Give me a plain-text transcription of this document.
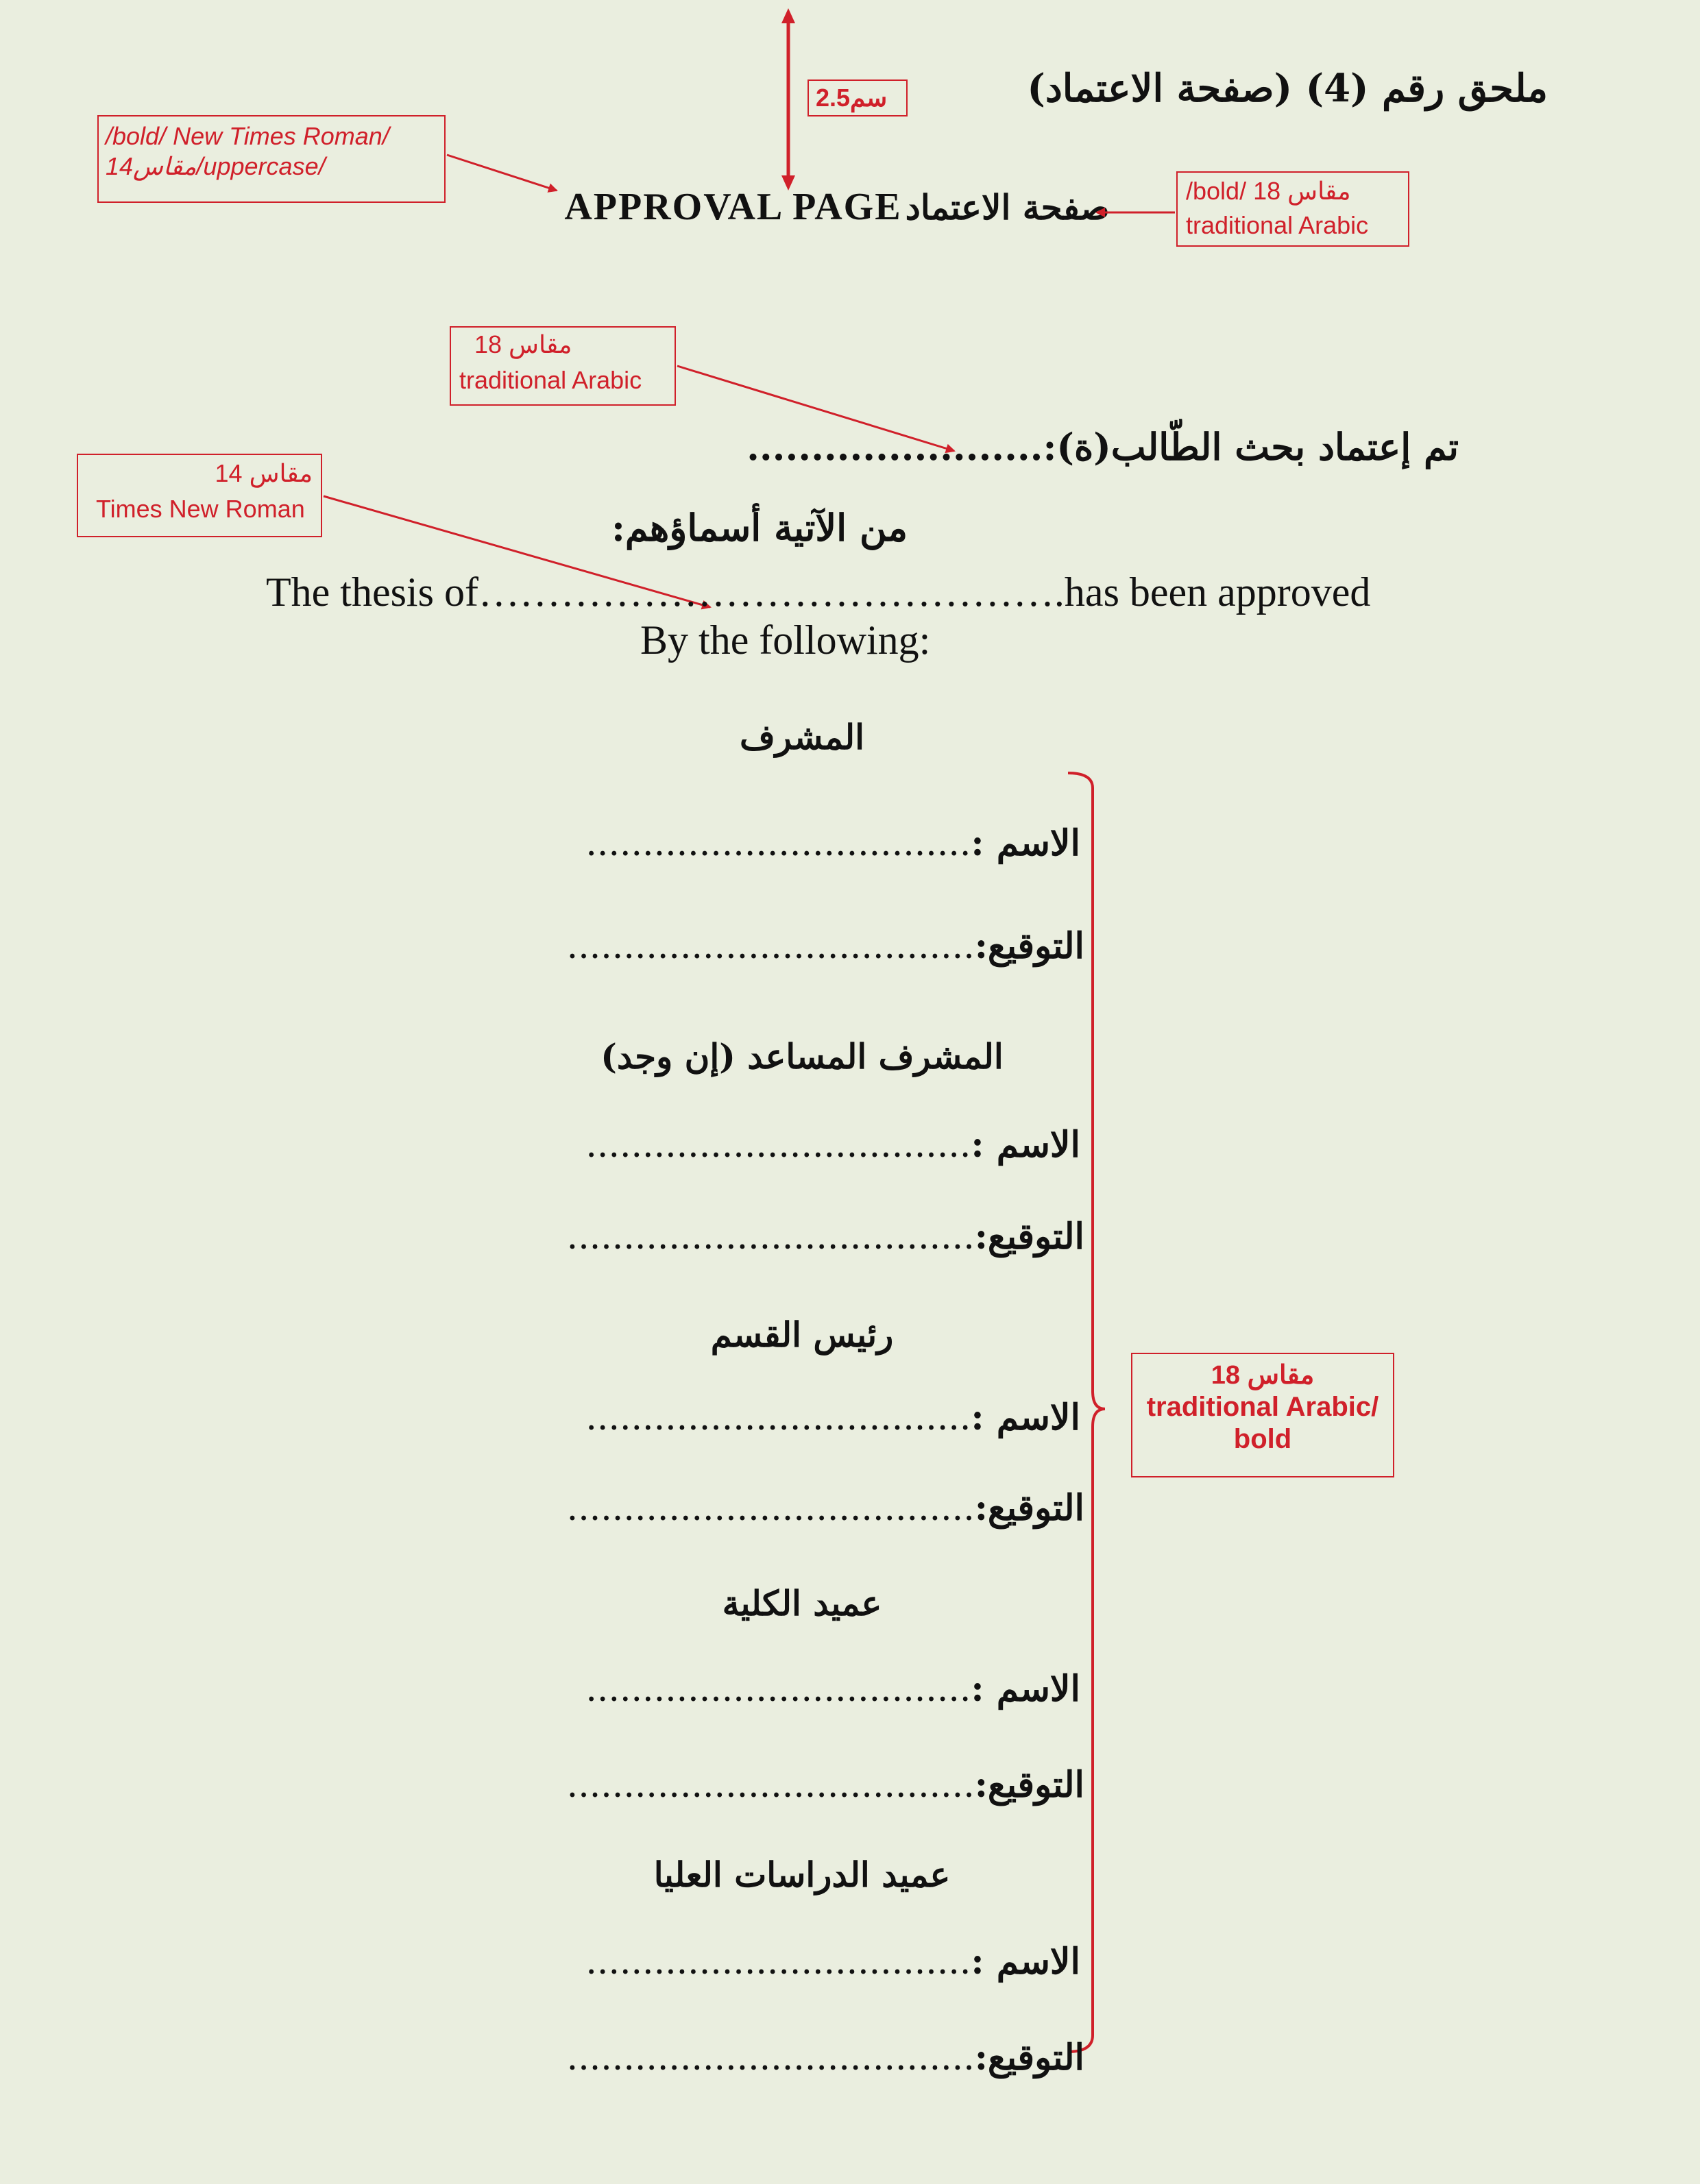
ملحق رقم (4) (صفحة الاعتماد)
2.5سم
/bold/ New Times Roman/
14مقاس/uppercase/
/bold/ 18 مقاس
traditional Arabic
APPROVAL PAGE صفحة الاعتماد
مقاس 18
traditional Arabic
مقاس 14
Times New Roman
تم إعتماد بحث الطّالب(ة):.......................
من الآتية أسماؤهم:
The thesis of…………………………………….has been approved
By the following:
مقاس 18
traditional Arabic/
bold
المشرف
الاسم :..................................
التوقيع:....................................
المشرف المساعد (إن وجد)
الاسم :..................................
التوقيع:....................................
رئيس القسم
الاسم :..................................
التوقيع:....................................
عميد الكلية
الاسم :..................................
التوقيع:....................................
عميد الدراسات العليا
الاسم :..................................
التوقيع:....................................
